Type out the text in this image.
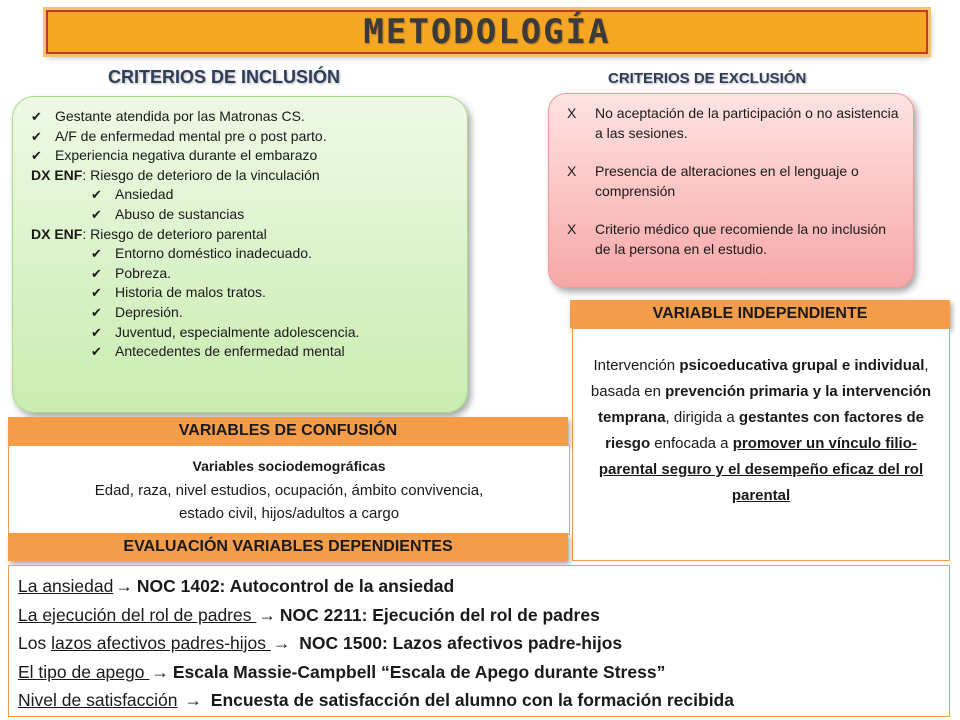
METODOLOGÍA
CRITERIOS DE INCLUSIÓN	CRITERIOS DE EXCLUSIÓN
✔ Gestante atendida por las Matronas CS.
✔ A/F de enfermedad mental pre o post parto.
✔ Experiencia negativa durante el embarazo
DX ENF: Riesgo de deterioro de la vinculación
✔ Ansiedad
✔ Abuso de sustancias
DX ENF: Riesgo de deterioro parental
✔ Entorno doméstico inadecuado.
✔ Pobreza.
✔ Historia de malos tratos.
✔ Depresión.
✔ Juventud, especialmente adolescencia.
✔ Antecedentes de enfermedad mental
X	No aceptación de la participación o no asistencia a las sesiones.
X	Presencia de alteraciones en el lenguaje o comprensión
X	Criterio médico que recomiende la no inclusión de la persona en el estudio.
VARIABLE INDEPENDIENTE
Intervención psicoeducativa grupal e individual, basada en prevención primaria y la intervención temprana, dirigida a gestantes con factores de riesgo enfocada a promover un vínculo filio-parental seguro y el desempeño eficaz del rol parental
VARIABLES DE CONFUSIÓN
Variables sociodemográficas
Edad, raza, nivel estudios, ocupación, ámbito convivencia,
estado civil, hijos/adultos a cargo
EVALUACIÓN VARIABLES DEPENDIENTES
La ansiedad → NOC 1402: Autocontrol de la ansiedad
La ejecución del rol de padres → NOC 2211: Ejecución del rol de padres
Los lazos afectivos padres-hijos → NOC 1500: Lazos afectivos padre-hijos
El tipo de apego → Escala Massie-Campbell “Escala de Apego durante Stress”
Nivel de satisfacción → Encuesta de satisfacción del alumno con la formación recibida
